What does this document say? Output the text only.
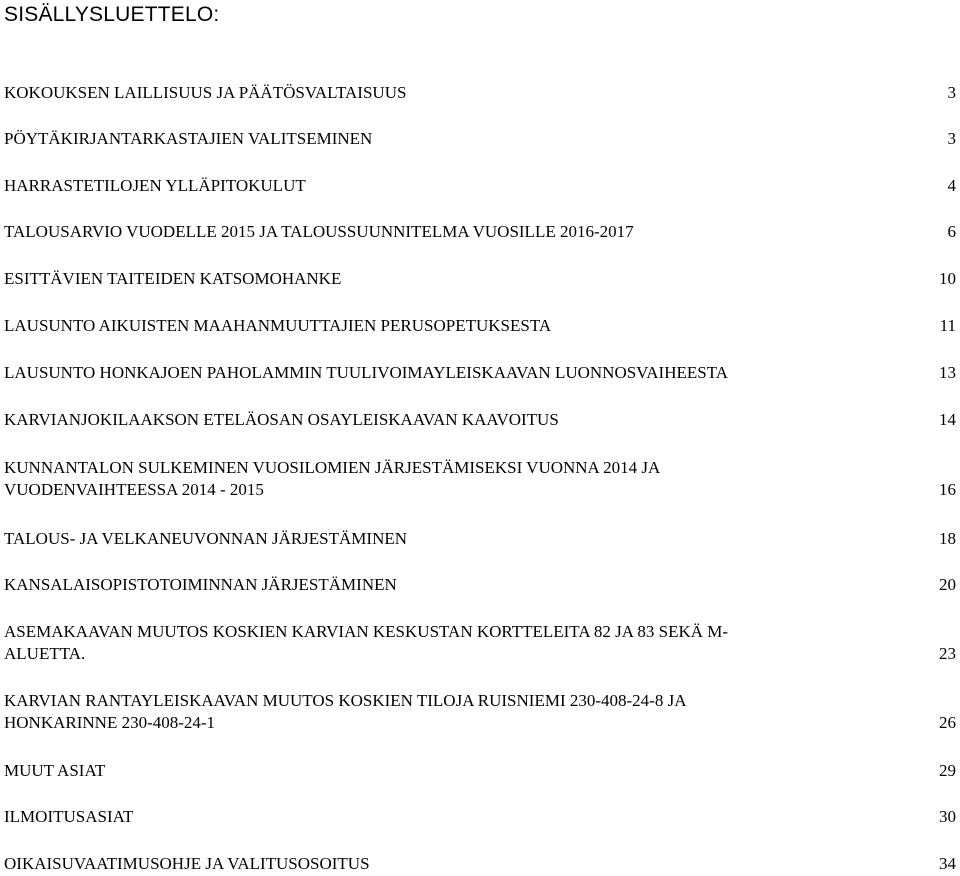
SISÄLLYSLUETTELO:
KOKOUKSEN LAILLISUUS JA PÄÄTÖSVALTAISUUS	3
PÖYTÄKIRJANTARKASTAJIEN VALITSEMINEN	3
HARRASTETILOJEN YLLÄPITOKULUT	4
TALOUSARVIO VUODELLE 2015 JA TALOUSSUUNNITELMA VUOSILLE 2016-2017	6
ESITTÄVIEN TAITEIDEN KATSOMOHANKE	10
LAUSUNTO AIKUISTEN MAAHANMUUTTAJIEN PERUSOPETUKSESTA	11
LAUSUNTO HONKAJOEN PAHOLAMMIN TUULIVOIMAYLEISKAAVAN LUONNOSVAIHEESTA	13
KARVIANJOKILAAKSON ETELÄOSAN OSAYLEISKAAVAN KAAVOITUS	14
KUNNANTALON SULKEMINEN VUOSILOMIEN JÄRJESTÄMISEKSI VUONNA 2014 JA
VUODENVAIHTEESSA 2014 - 2015	16
TALOUS- JA VELKANEUVONNAN JÄRJESTÄMINEN	18
KANSALAISOPISTOTOIMINNAN JÄRJESTÄMINEN	20
ASEMAKAAVAN MUUTOS KOSKIEN KARVIAN KESKUSTAN KORTTELEITA 82 JA 83 SEKÄ M-
ALUETTA.	23
KARVIAN RANTAYLEISKAAVAN MUUTOS KOSKIEN TILOJA RUISNIEMI 230-408-24-8 JA
HONKARINNE 230-408-24-1	26
MUUT ASIAT	29
ILMOITUSASIAT	30
OIKAISUVAATIMUSOHJE JA VALITUSOSOITUS	34
